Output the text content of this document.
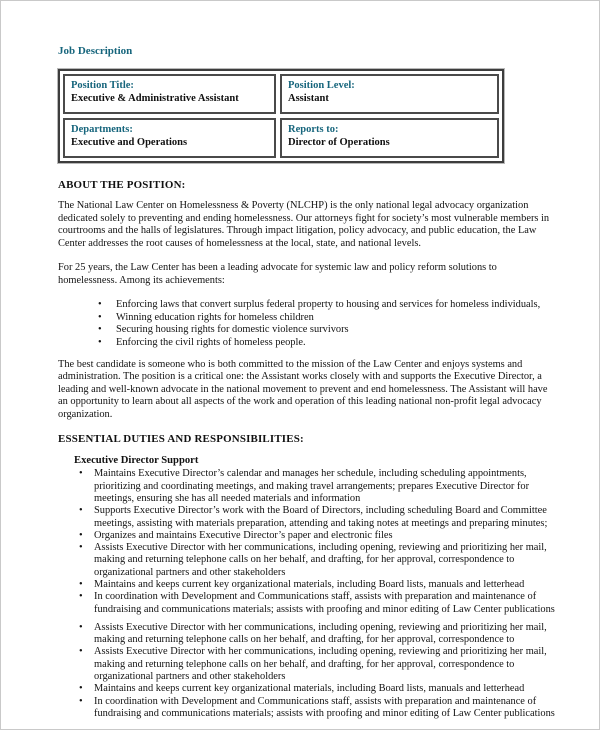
Job Description
Position Title:
Executive & Administrative Assistant
Position Level:
Assistant
Departments:
Executive and Operations
Reports to:
Director of Operations
ABOUT THE POSITION:

The National Law Center on Homelessness & Poverty (NLCHP) is the only national legal advocacy organization dedicated solely to preventing and ending homelessness. Our attorneys fight for society’s most vulnerable members in courtrooms and the halls of legislatures. Through impact litigation, policy advocacy, and public education, the Law Center addresses the root causes of homelessness at the local, state, and national levels.

For 25 years, the Law Center has been a leading advocate for systemic law and policy reform solutions to homelessness. Among its achievements:

• Enforcing laws that convert surplus federal property to housing and services for homeless individuals,
• Winning education rights for homeless children
• Securing housing rights for domestic violence survivors
• Enforcing the civil rights of homeless people.

The best candidate is someone who is both committed to the mission of the Law Center and enjoys systems and administration. The position is a critical one: the Assistant works closely with and supports the Executive Director, a leading and well-known advocate in the national movement to prevent and end homelessness. The Assistant will have an opportunity to learn about all aspects of the work and operation of this leading national non-profit legal advocacy organization.

ESSENTIAL DUTIES AND RESPONSIBILITIES:
Executive Director Support
• Maintains Executive Director’s calendar and manages her schedule, including scheduling appointments, prioritizing and coordinating meetings, and making travel arrangements; prepares Executive Director for meetings, ensuring she has all needed materials and information
• Supports Executive Director’s work with the Board of Directors, including scheduling Board and Committee meetings, assisting with materials preparation, attending and taking notes at meetings and preparing minutes;
• Organizes and maintains Executive Director’s paper and electronic files
• Assists Executive Director with her communications, including opening, reviewing and prioritizing her mail, making and returning telephone calls on her behalf, and drafting, for her approval, correspondence to organizational partners and other stakeholders
• Maintains and keeps current key organizational materials, including Board lists, manuals and letterhead
• In coordination with Development and Communications staff, assists with preparation and maintenance of fundraising and communications materials; assists with proofing and minor editing of Law Center publications
• Assists Executive Director with her communications, including opening, reviewing and prioritizing her mail, making and returning telephone calls on her behalf, and drafting, for her approval, correspondence to
• Assists Executive Director with her communications, including opening, reviewing and prioritizing her mail, making and returning telephone calls on her behalf, and drafting, for her approval, correspondence to organizational partners and other stakeholders
• Maintains and keeps current key organizational materials, including Board lists, manuals and letterhead
• In coordination with Development and Communications staff, assists with preparation and maintenance of fundraising and communications materials; assists with proofing and minor editing of Law Center publications
